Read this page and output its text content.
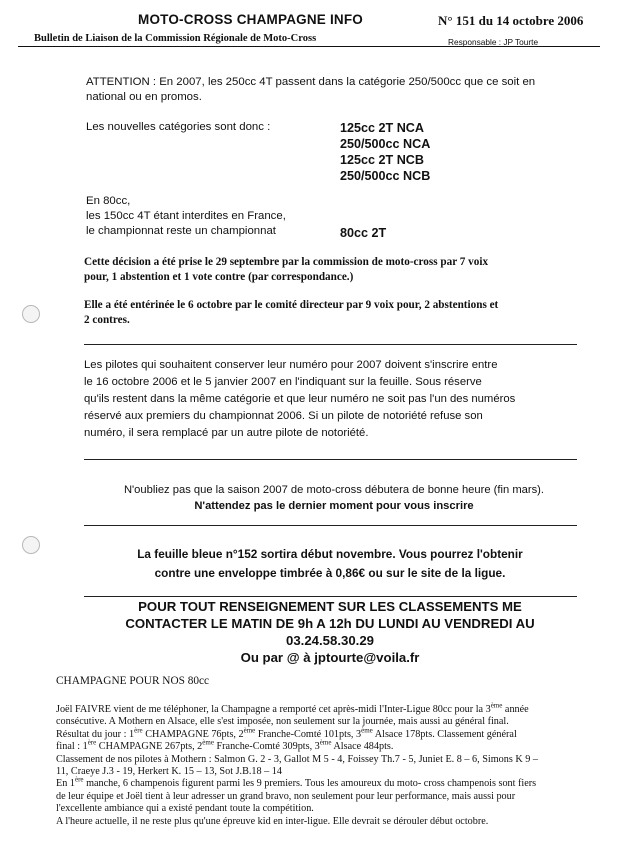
MOTO-CROSS CHAMPAGNE INFO	N° 151 du 14 octobre 2006
Bulletin de Liaison de la Commission Régionale de Moto-Cross	Responsable : JP Tourte
ATTENTION : En 2007, les 250cc 4T passent dans la catégorie 250/500cc que ce soit en
national ou en promos.
Les nouvelles catégories sont donc :	125cc 2T NCA
250/500cc NCA
125cc 2T NCB
250/500cc NCB
En 80cc,
les 150cc 4T étant interdites en France,
le championnat reste un championnat	80cc 2T
Cette décision a été prise le 29 septembre par la commission de moto-cross par 7 voix
pour, 1 abstention et 1 vote contre (par correspondance.)
Elle a été entérinée le 6 octobre par le comité directeur par 9 voix pour, 2 abstentions et
2 contres.
Les pilotes qui souhaitent conserver leur numéro pour 2007 doivent s'inscrire entre
le 16 octobre 2006 et le 5 janvier 2007 en l'indiquant sur la feuille. Sous réserve
qu'ils restent dans la même catégorie et que leur numéro ne soit pas l'un des numéros
réservé aux premiers du championnat 2006. Si un pilote de notoriété refuse son
numéro, il sera remplacé par un autre pilote de notoriété.
N'oubliez pas que la saison 2007 de moto-cross débutera de bonne heure (fin mars).
N'attendez pas le dernier moment pour vous inscrire
La feuille bleue n°152 sortira début novembre. Vous pourrez l'obtenir
contre une enveloppe timbrée à 0,86€ ou sur le site de la ligue.
POUR TOUT RENSEIGNEMENT SUR LES CLASSEMENTS ME
CONTACTER LE MATIN DE 9h A 12h DU LUNDI AU VENDREDI AU
03.24.58.30.29
Ou par @ à jptourte@voila.fr
CHAMPAGNE POUR NOS 80cc
Joël FAIVRE vient de me téléphoner, la Champagne a remporté cet après-midi l'Inter-Ligue 80cc pour la 3ème année
consécutive. A Mothern en Alsace, elle s'est imposée, non seulement sur la journée, mais aussi au général final.
Résultat du jour : 1ère CHAMPAGNE 76pts, 2ème Franche-Comté 101pts, 3ème Alsace 178pts. Classement général
final : 1ère CHAMPAGNE 267pts, 2ème Franche-Comté 309pts, 3ème Alsace 484pts.
Classement de nos pilotes à Mothern : Salmon G. 2 - 3, Gallot M 5 - 4, Foissey Th.7 - 5, Juniet E. 8 – 6, Simons K 9 –
11, Craeye J.3 - 19, Herkert K. 15 – 13, Sot J.B.18 – 14
En 1ère manche, 6 champenois figurent parmi les 9 premiers. Tous les amoureux du moto- cross champenois sont fiers
de leur équipe et Joël tient à leur adresser un grand bravo, non seulement pour leur performance, mais aussi pour
l'excellente ambiance qui a existé pendant toute la compétition.
A l'heure actuelle, il ne reste plus qu'une épreuve kid en inter-ligue. Elle devrait se dérouler début octobre.
